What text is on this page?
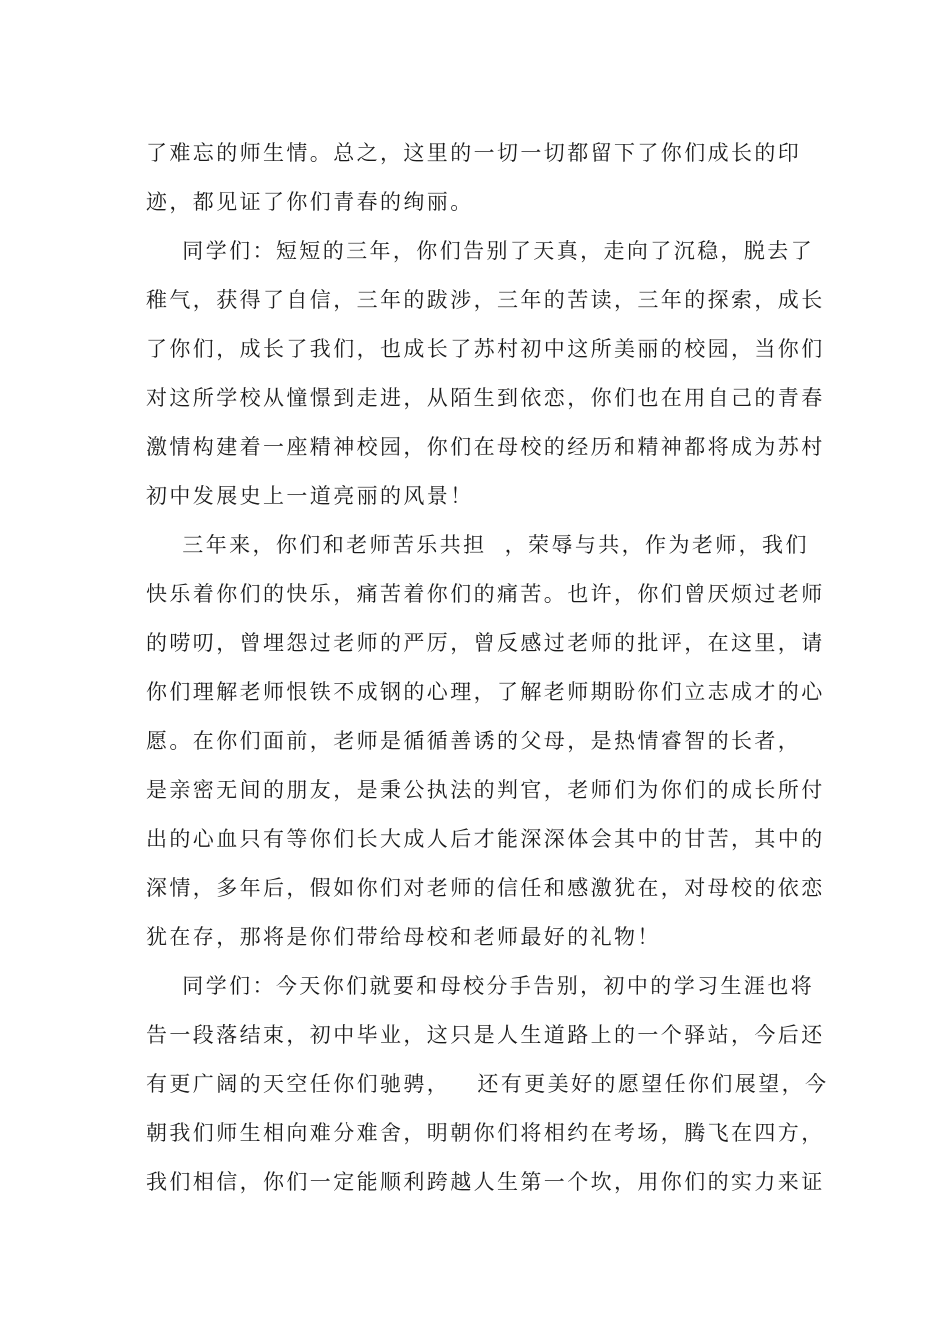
了难忘的师生情。总之，这里的一切一切都留下了你们成长的印
迹，都见证了你们青春的绚丽。
同学们：短短的三年，你们告别了天真，走向了沉稳，脱去了
稚气，获得了自信，三年的跋涉，三年的苦读，三年的探索，成长
了你们，成长了我们，也成长了苏村初中这所美丽的校园，当你们
对这所学校从憧憬到走进，从陌生到依恋，你们也在用自己的青春
激情构建着一座精神校园，你们在母校的经历和精神都将成为苏村
初中发展史上一道亮丽的风景！
三年来，你们和老师苦乐共担  ，荣辱与共，作为老师，我们
快乐着你们的快乐，痛苦着你们的痛苦。也许，你们曾厌烦过老师
的唠叨，曾埋怨过老师的严厉，曾反感过老师的批评，在这里，请
你们理解老师恨铁不成钢的心理，了解老师期盼你们立志成才的心
愿。在你们面前，老师是循循善诱的父母，是热情睿智的长者，
是亲密无间的朋友，是秉公执法的判官，老师们为你们的成长所付
出的心血只有等你们长大成人后才能深深体会其中的甘苦，其中的
深情，多年后，假如你们对老师的信任和感激犹在，对母校的依恋
犹在存，那将是你们带给母校和老师最好的礼物！
同学们：今天你们就要和母校分手告别，初中的学习生涯也将
告一段落结束，初中毕业，这只是人生道路上的一个驿站，今后还
有更广阔的天空任你们驰骋，   还有更美好的愿望任你们展望，今
朝我们师生相向难分难舍，明朝你们将相约在考场，腾飞在四方，
我们相信，你们一定能顺利跨越人生第一个坎，用你们的实力来证
